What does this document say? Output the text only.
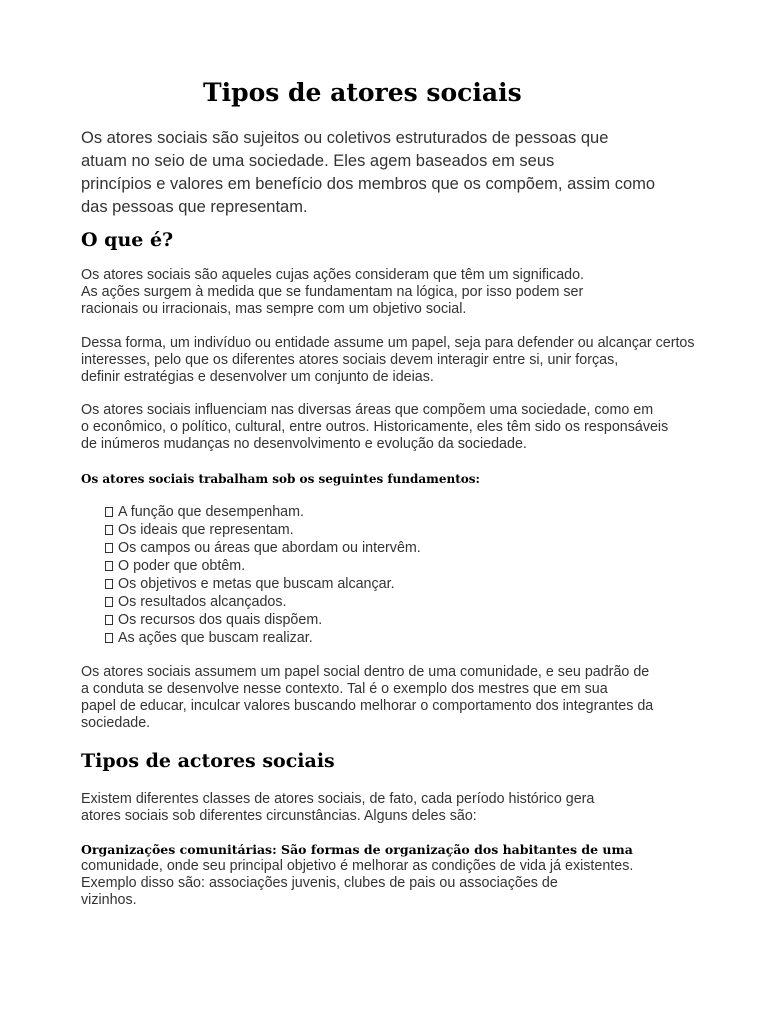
Tipos de atores sociais

Os atores sociais são sujeitos ou coletivos estruturados de pessoas que
atuam no seio de uma sociedade. Eles agem baseados em seus
princípios e valores em benefício dos membros que os compõem, assim como
das pessoas que representam.

O que é?

Os atores sociais são aqueles cujas ações consideram que têm um significado.
As ações surgem à medida que se fundamentam na lógica, por isso podem ser
racionais ou irracionais, mas sempre com um objetivo social.

Dessa forma, um indivíduo ou entidade assume um papel, seja para defender ou alcançar certos
interesses, pelo que os diferentes atores sociais devem interagir entre si, unir forças,
definir estratégias e desenvolver um conjunto de ideias.

Os atores sociais influenciam nas diversas áreas que compõem uma sociedade, como em
o econômico, o político, cultural, entre outros. Historicamente, eles têm sido os responsáveis
de inúmeros mudanças no desenvolvimento e evolução da sociedade.

Os atores sociais trabalham sob os seguintes fundamentos:

A função que desempenham.
Os ideais que representam.
Os campos ou áreas que abordam ou intervêm.
O poder que obtêm.
Os objetivos e metas que buscam alcançar.
Os resultados alcançados.
Os recursos dos quais dispõem.
As ações que buscam realizar.

Os atores sociais assumem um papel social dentro de uma comunidade, e seu padrão de
a conduta se desenvolve nesse contexto. Tal é o exemplo dos mestres que em sua
papel de educar, inculcar valores buscando melhorar o comportamento dos integrantes da
sociedade.

Tipos de actores sociais

Existem diferentes classes de atores sociais, de fato, cada período histórico gera
atores sociais sob diferentes circunstâncias. Alguns deles são:

Organizações comunitárias: São formas de organização dos habitantes de uma
comunidade, onde seu principal objetivo é melhorar as condições de vida já existentes.
Exemplo disso são: associações juvenis, clubes de pais ou associações de
vizinhos.
